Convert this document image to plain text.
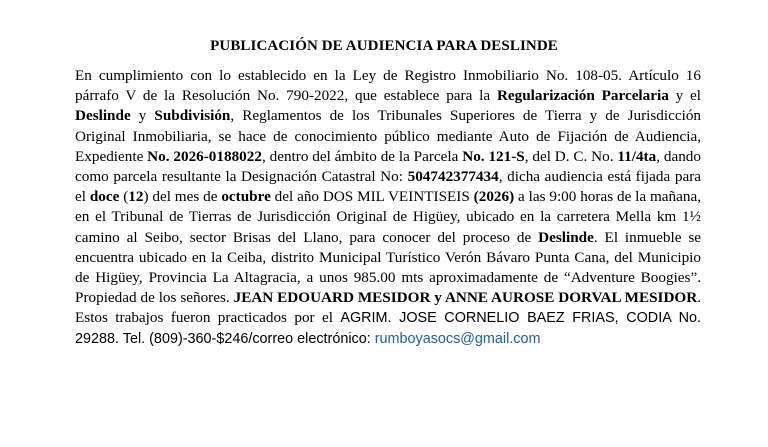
PUBLICACIÓN DE AUDIENCIA PARA DESLINDE
En cumplimiento con lo establecido en la Ley de Registro Inmobiliario No. 108-05. Artículo 16 párrafo V de la Resolución No. 790-2022, que establece para la Regularización Parcelaria y el Deslinde y Subdivisión, Reglamentos de los Tribunales Superiores de Tierra y de Jurisdicción Original Inmobiliaria, se hace de conocimiento público mediante Auto de Fijación de Audiencia, Expediente No. 2026-0188022, dentro del ámbito de la Parcela No. 121-S, del D. C. No. 11/4ta, dando como parcela resultante la Designación Catastral No: 504742377434, dicha audiencia está fijada para el doce (12) del mes de octubre del año DOS MIL VEINTISEIS (2026) a las 9:00 horas de la mañana, en el Tribunal de Tierras de Jurisdicción Original de Higüey, ubicado en la carretera Mella km 1½ camino al Seibo, sector Brisas del Llano, para conocer del proceso de Deslinde. El inmueble se encuentra ubicado en la Ceiba, distrito Municipal Turístico Verón Bávaro Punta Cana, del Municipio de Higüey, Provincia La Altagracia, a unos 985.00 mts aproximadamente de “Adventure Boogies”. Propiedad de los señores. JEAN EDOUARD MESIDOR y ANNE AUROSE DORVAL MESIDOR. Estos trabajos fueron practicados por el AGRIM. JOSE CORNELIO BAEZ FRIAS, CODIA No. 29288. Tel. (809)-360-$246/correo electrónico: rumboyasocs@gmail.com
